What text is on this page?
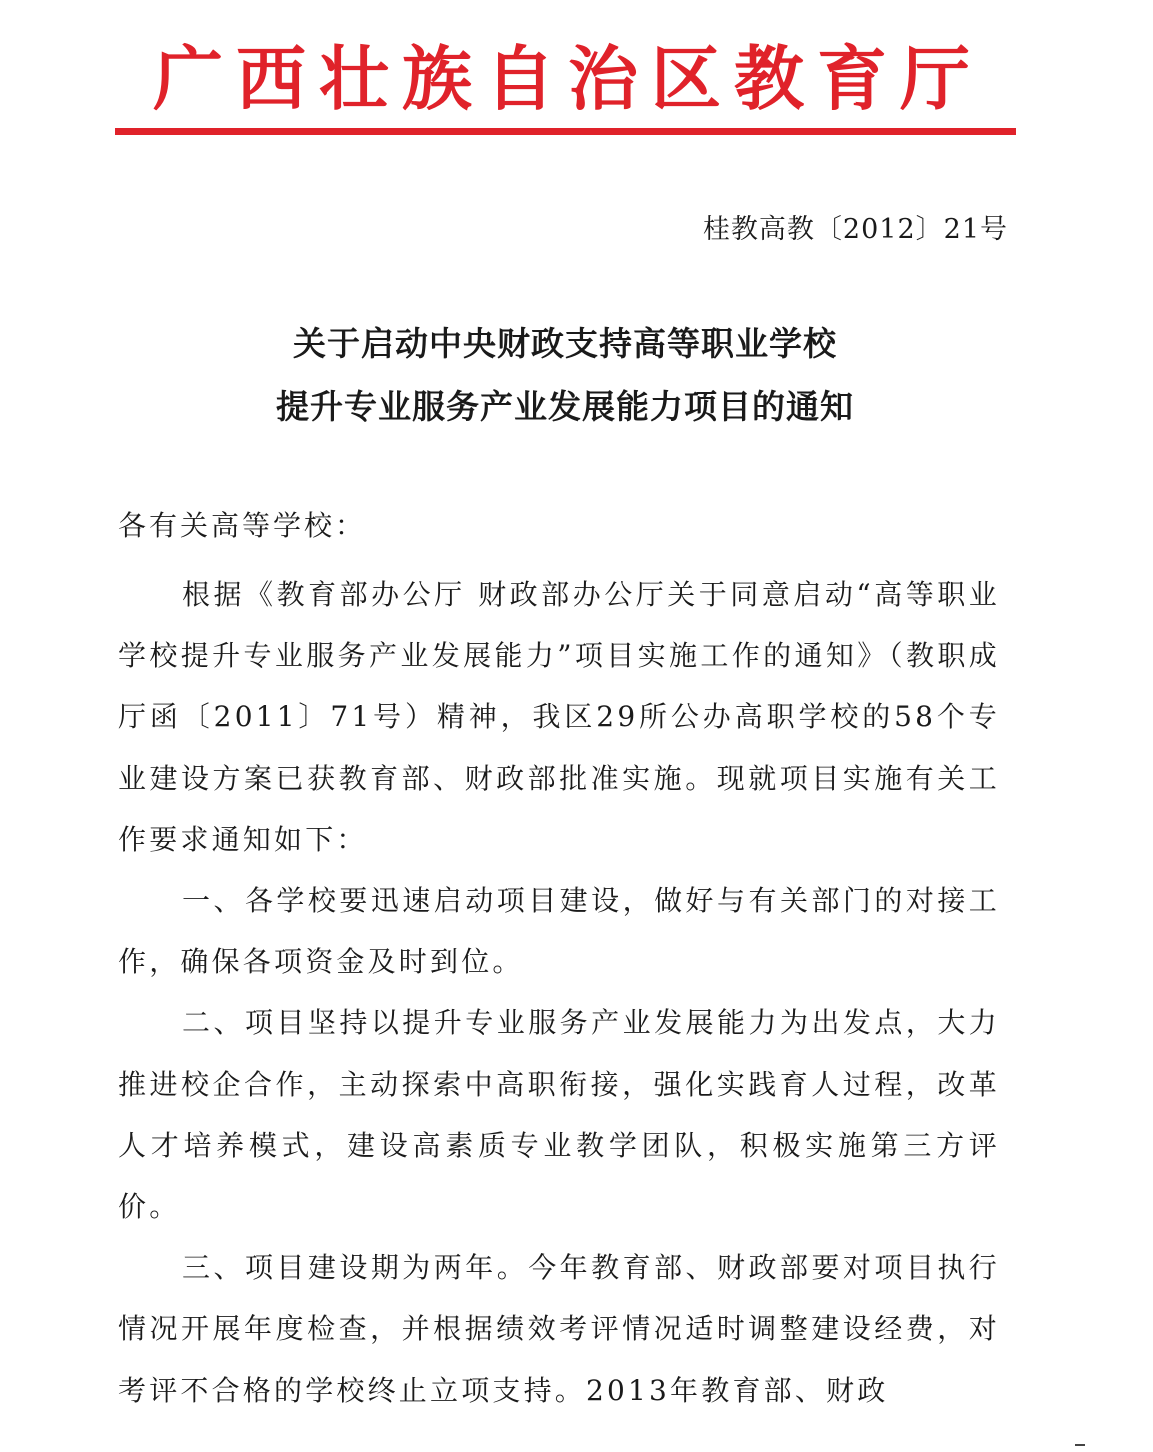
广西壮族自治区教育厅
桂教高教〔2012〕21号
关于启动中央财政支持高等职业学校
提升专业服务产业发展能力项目的通知
各有关高等学校：

根据《教育部办公厅 财政部办公厅关于同意启动“高等职业学校提升专业服务产业发展能力”项目实施工作的通知》（教职成厅函〔2011〕71号）精神，我区29所公办高职学校的58个专业建设方案已获教育部、财政部批准实施。现就项目实施有关工作要求通知如下：

一、各学校要迅速启动项目建设，做好与有关部门的对接工作，确保各项资金及时到位。

二、项目坚持以提升专业服务产业发展能力为出发点，大力推进校企合作，主动探索中高职衔接，强化实践育人过程，改革人才培养模式，建设高素质专业教学团队，积极实施第三方评价。

三、项目建设期为两年。今年教育部、财政部要对项目执行情况开展年度检查，并根据绩效考评情况适时调整建设经费，对考评不合格的学校终止立项支持。2013年教育部、财政
